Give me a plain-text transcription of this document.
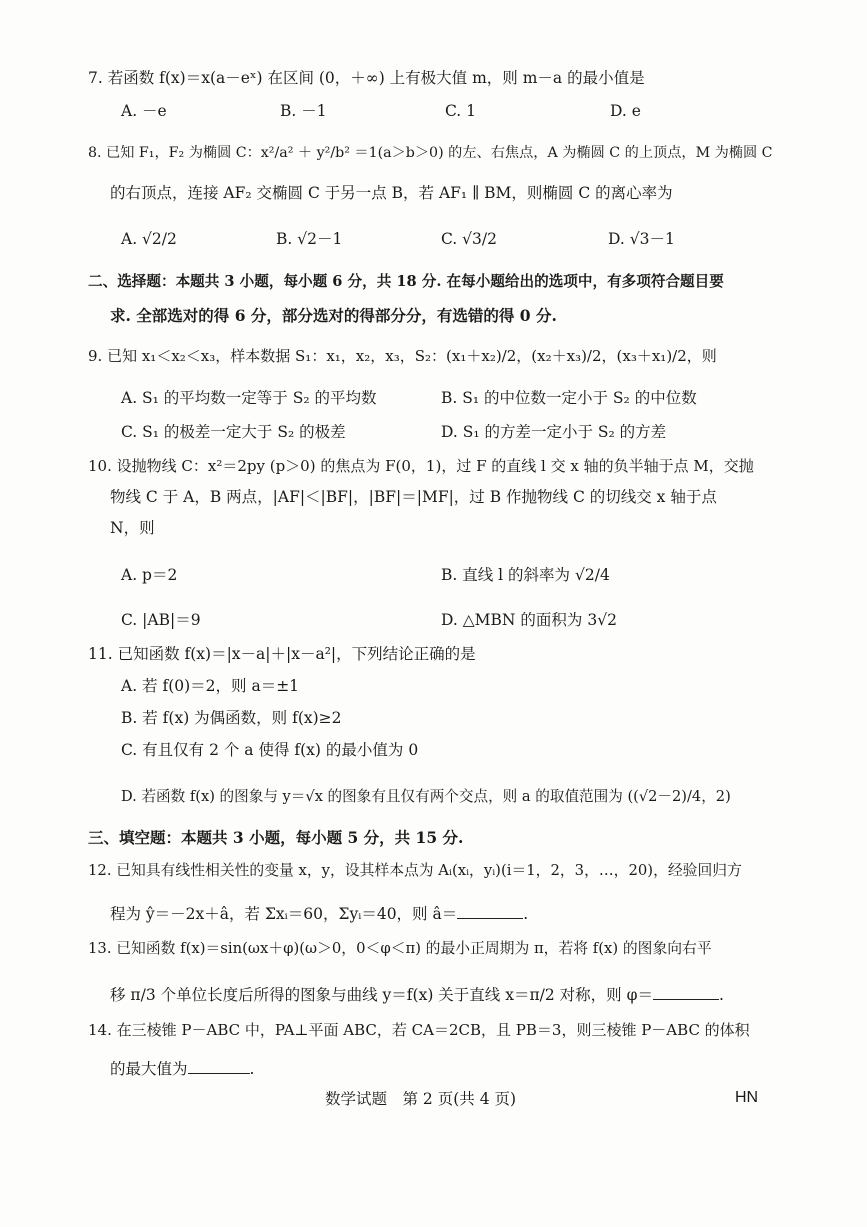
7. 若函数 f(x)＝x(a－eˣ) 在区间 (0，＋∞) 上有极大值 m，则 m－a 的最小值是
A. －e	B. －1	C. 1	D. e
8. 已知 F₁，F₂ 为椭圆 C：x²/a² ＋ y²/b² ＝1(a＞b＞0) 的左、右焦点，A 为椭圆 C 的上顶点，M 为椭圆 C
的右顶点，连接 AF₂ 交椭圆 C 于另一点 B，若 AF₁ ∥ BM，则椭圆 C 的离心率为
A. √2/2	B. √2－1	C. √3/2	D. √3－1
二、选择题：本题共 3 小题，每小题 6 分，共 18 分. 在每小题给出的选项中，有多项符合题目要
求. 全部选对的得 6 分，部分选对的得部分分，有选错的得 0 分.
9. 已知 x₁＜x₂＜x₃，样本数据 S₁：x₁，x₂，x₃，S₂：(x₁＋x₂)/2，(x₂＋x₃)/2，(x₃＋x₁)/2，则
A. S₁ 的平均数一定等于 S₂ 的平均数	B. S₁ 的中位数一定小于 S₂ 的中位数
C. S₁ 的极差一定大于 S₂ 的极差	D. S₁ 的方差一定小于 S₂ 的方差
10. 设抛物线 C：x²＝2py (p＞0) 的焦点为 F(0，1)，过 F 的直线 l 交 x 轴的负半轴于点 M，交抛
物线 C 于 A，B 两点，|AF|＜|BF|，|BF|＝|MF|，过 B 作抛物线 C 的切线交 x 轴于点
N，则
A. p＝2	B. 直线 l 的斜率为 √2/4
C. |AB|＝9	D. △MBN 的面积为 3√2
11. 已知函数 f(x)＝|x－a|＋|x－a²|，下列结论正确的是
A. 若 f(0)＝2，则 a＝±1
B. 若 f(x) 为偶函数，则 f(x)≥2
C. 有且仅有 2 个 a 使得 f(x) 的最小值为 0
D. 若函数 f(x) 的图象与 y＝√x 的图象有且仅有两个交点，则 a 的取值范围为 ((√2－2)/4，2)
三、填空题：本题共 3 小题，每小题 5 分，共 15 分.
12. 已知具有线性相关性的变量 x，y，设其样本点为 Aᵢ(xᵢ，yᵢ)(i＝1，2，3，…，20)，经验回归方
程为 ŷ＝－2x＋â，若 Σxᵢ＝60，Σyᵢ＝40，则 â＝	.
13. 已知函数 f(x)＝sin(ωx＋φ)(ω＞0，0＜φ＜π) 的最小正周期为 π，若将 f(x) 的图象向右平
移 π/3 个单位长度后所得的图象与曲线 y＝f(x) 关于直线 x＝π/2 对称，则 φ＝	.
14. 在三棱锥 P－ABC 中，PA⊥平面 ABC，若 CA＝2CB，且 PB＝3，则三棱锥 P－ABC 的体积
的最大值为	.
数学试题　第 2 页(共 4 页)	HN
